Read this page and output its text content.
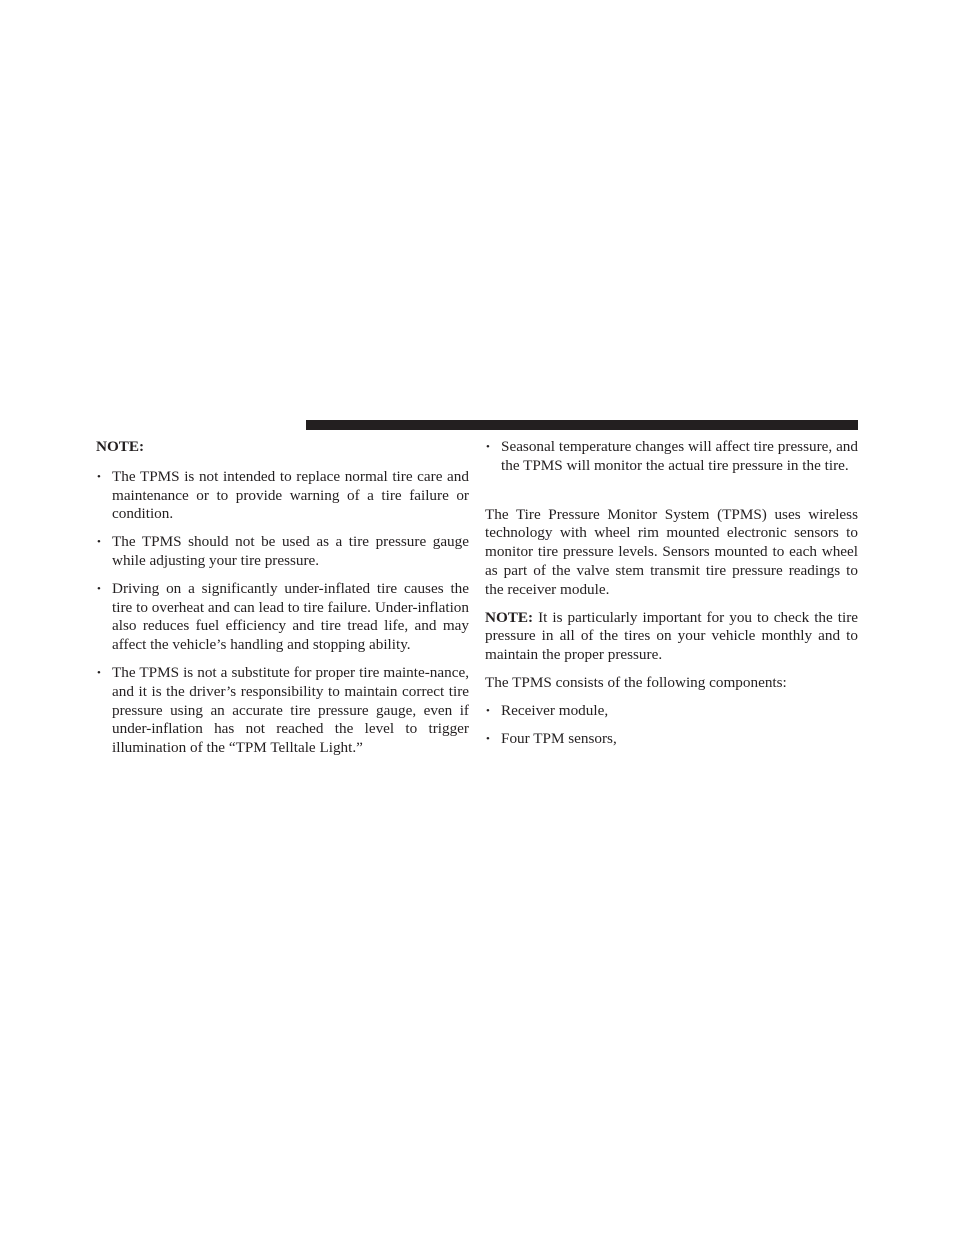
NOTE:

• The TPMS is not intended to replace normal tire care and maintenance or to provide warning of a tire failure or condition.
• The TPMS should not be used as a tire pressure gauge while adjusting your tire pressure.
• Driving on a significantly under-inflated tire causes the tire to overheat and can lead to tire failure. Under-inflation also reduces fuel efficiency and tire tread life, and may affect the vehicle’s handling and stopping ability.
• The TPMS is not a substitute for proper tire mainte-nance, and it is the driver’s responsibility to maintain correct tire pressure using an accurate tire pressure gauge, even if under-inflation has not reached the level to trigger illumination of the “TPM Telltale Light.”
• Seasonal temperature changes will affect tire pressure, and the TPMS will monitor the actual tire pressure in the tire.

The Tire Pressure Monitor System (TPMS) uses wireless technology with wheel rim mounted electronic sensors to monitor tire pressure levels. Sensors mounted to each wheel as part of the valve stem transmit tire pressure readings to the receiver module.

NOTE: It is particularly important for you to check the tire pressure in all of the tires on your vehicle monthly and to maintain the proper pressure.

The TPMS consists of the following components:

• Receiver module,
• Four TPM sensors,
